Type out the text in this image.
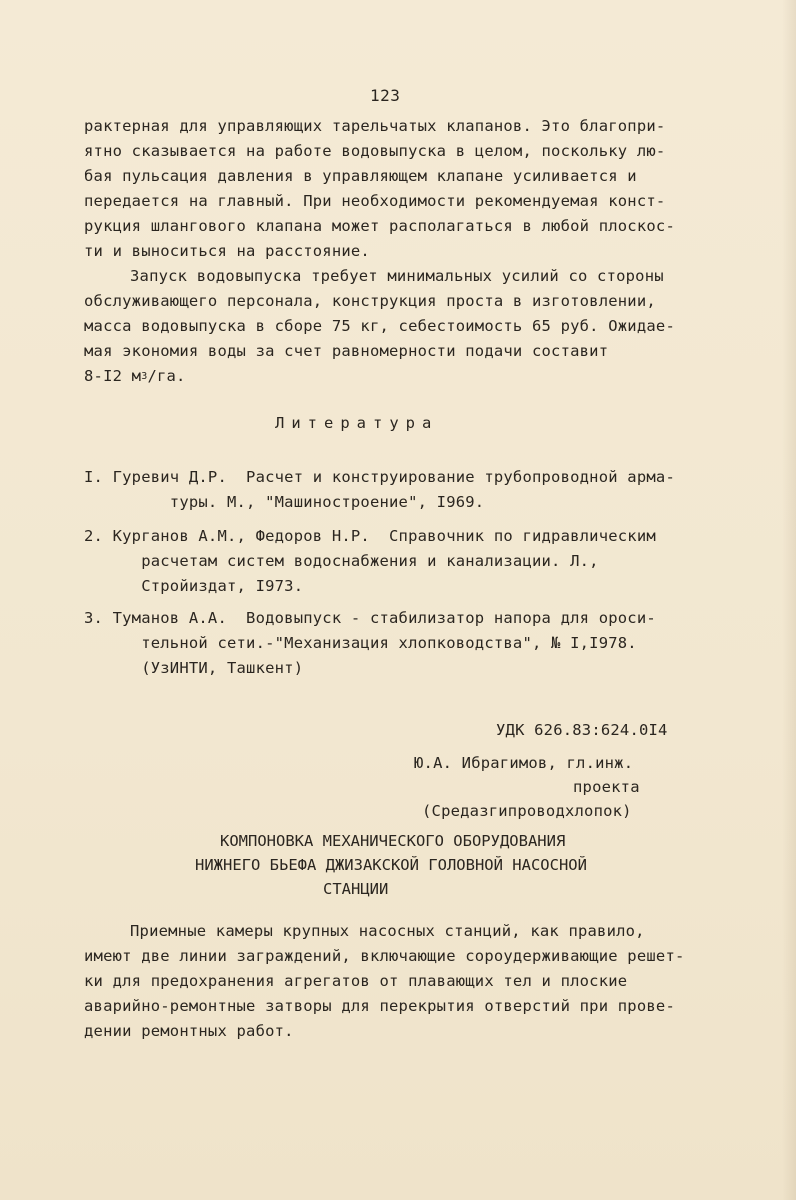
123
рактерная для управляющих тарельчатых клапанов. Это благопри-
ятно сказывается на работе водовыпуска в целом, поскольку лю-
бая пульсация давления в управляющем клапане усиливается и
передается на главный. При необходимости рекомендуемая конст-
рукция шлангового клапана может располагаться в любой плоскос-
ти и выноситься на расстояние.
Запуск водовыпуска требует минимальных усилий со стороны
обслуживающего персонала, конструкция проста в изготовлении,
масса водовыпуска в сборе 75 кг, себестоимость 65 руб. Ожидае-
мая экономия воды за счет равномерности подачи составит
8-I2 $м^3/га$.
Литература
I. Гуревич Д.Р.  Расчет и конструирование трубопроводной арма-
туры. М., "Машиностроение", I969.
2. Курганов А.М., Федоров Н.Р.  Справочник по гидравлическим
расчетам систем водоснабжения и канализации. Л.,
Стройиздат, I973.
3. Туманов А.А.  Водовыпуск - стабилизатор напора для ороси-
тельной сети.-"Механизация хлопководства", № I,I978.
(УзИНТИ, Ташкент)
УДК 626.83:624.0I4
Ю.А. Ибрагимов, гл.инж.
проекта
(Средазгипроводхлопок)
КОМПОНОВКА МЕХАНИЧЕСКОГО ОБОРУДОВАНИЯ
НИЖНЕГО БЬЕФА ДЖИЗАКСКОЙ ГОЛОВНОЙ НАСОСНОЙ
СТАНЦИИ
Приемные камеры крупных насосных станций, как правило,
имеют две линии заграждений, включающие сороудерживающие решет-
ки для предохранения агрегатов от плавающих тел и плоские
аварийно-ремонтные затворы для перекрытия отверстий при прове-
дении ремонтных работ.
